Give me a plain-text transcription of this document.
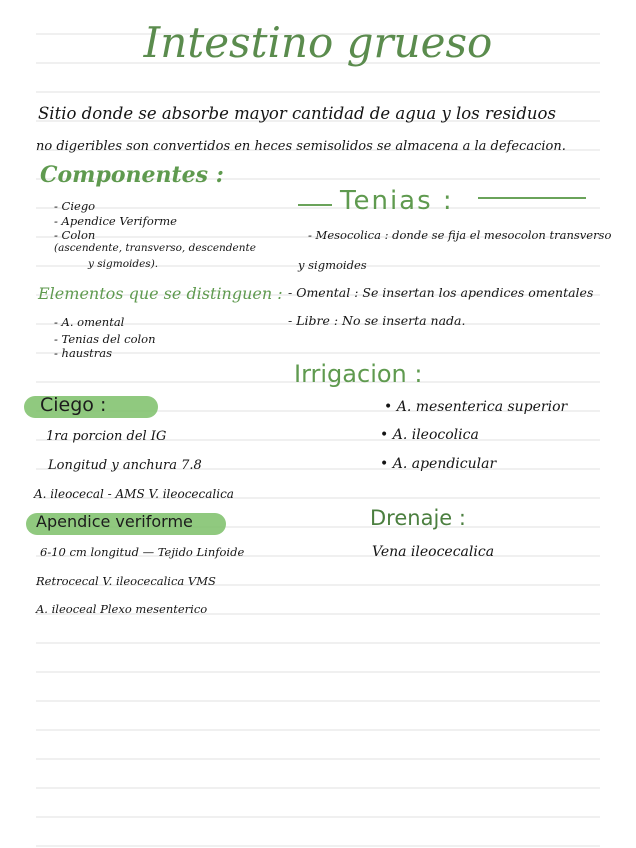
Intestino grueso
Sitio donde se absorbe mayor cantidad de agua y los residuos
no digeribles son convertidos en heces semisolidos se almacena a la defecacion.
Componentes :
- Ciego
- Apendice Veriforme
- Colon
(ascendente, transverso, descendente
y sigmoides).
Elementos que se distinguen :
- A. omental
- Tenias del colon
- haustras
Tenias :
- Mesocolica : donde se fija el mesocolon transverso
y sigmoides
- Omental : Se insertan los apendices omentales
- Libre : No se inserta nada.
Irrigacion :
• A. mesenterica superior
• A. ileocolica
• A. apendicular
Ciego :
1ra porcion del IG
Longitud y anchura 7.8
A. ileocecal - AMS V. ileocecalica
Apendice veriforme
6-10 cm longitud — Tejido Linfoide
Retrocecal V. ileocecalica VMS
A. ileoceal Plexo mesenterico
Drenaje :
Vena ileocecalica
